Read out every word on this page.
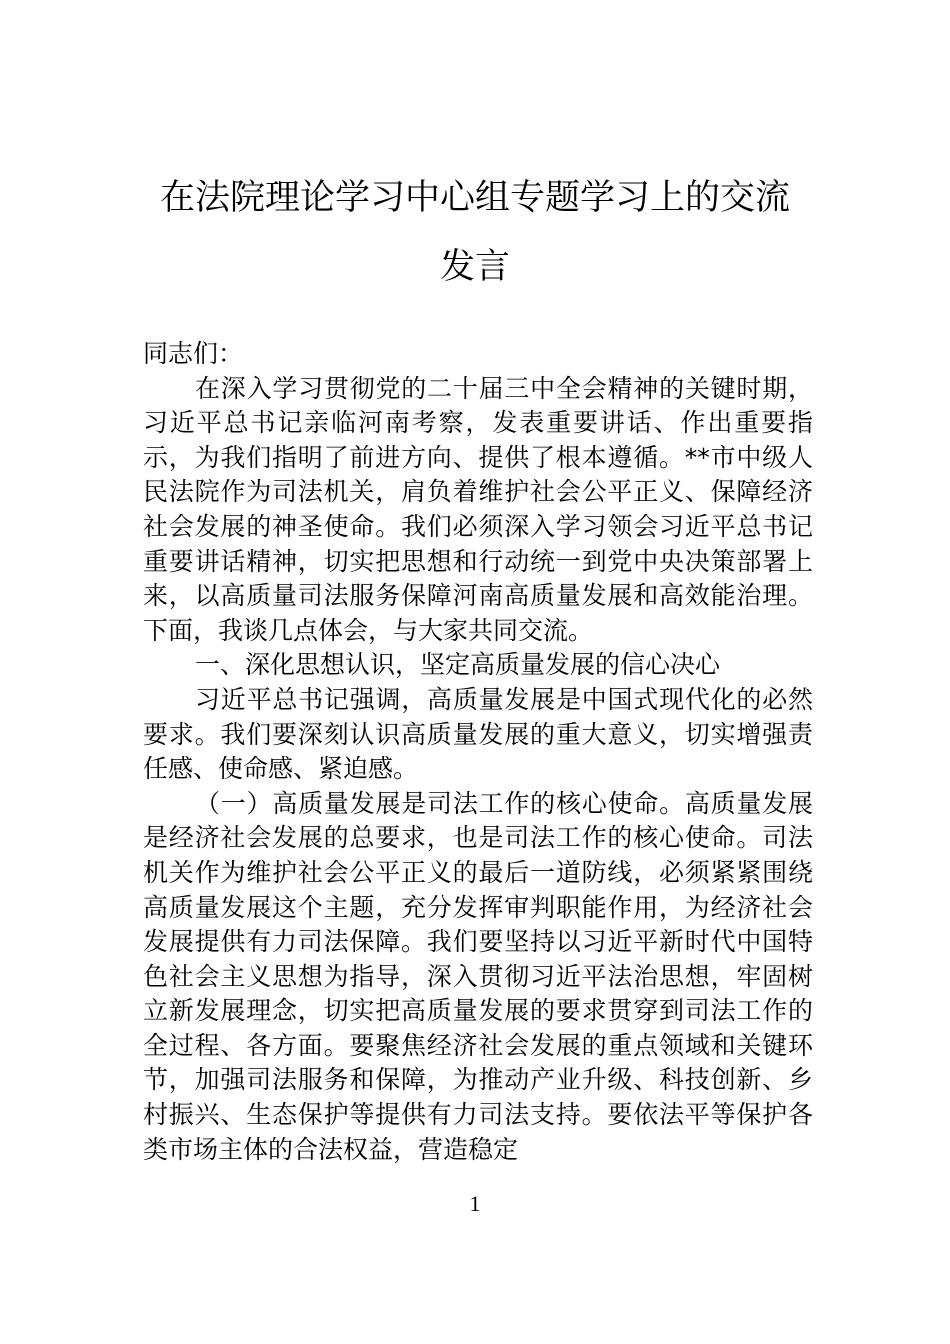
在法院理论学习中心组专题学习上的交流
发言

同志们：

在深入学习贯彻党的二十届三中全会精神的关键时期，习近平总书记亲临河南考察，发表重要讲话、作出重要指示，为我们指明了前进方向、提供了根本遵循。**市中级人民法院作为司法机关，肩负着维护社会公平正义、保障经济社会发展的神圣使命。我们必须深入学习领会习近平总书记重要讲话精神，切实把思想和行动统一到党中央决策部署上来，以高质量司法服务保障河南高质量发展和高效能治理。下面，我谈几点体会，与大家共同交流。

一、深化思想认识，坚定高质量发展的信心决心

习近平总书记强调，高质量发展是中国式现代化的必然要求。我们要深刻认识高质量发展的重大意义，切实增强责任感、使命感、紧迫感。

（一）高质量发展是司法工作的核心使命。高质量发展是经济社会发展的总要求，也是司法工作的核心使命。司法机关作为维护社会公平正义的最后一道防线，必须紧紧围绕高质量发展这个主题，充分发挥审判职能作用，为经济社会发展提供有力司法保障。我们要坚持以习近平新时代中国特色社会主义思想为指导，深入贯彻习近平法治思想，牢固树立新发展理念，切实把高质量发展的要求贯穿到司法工作的全过程、各方面。要聚焦经济社会发展的重点领域和关键环节，加强司法服务和保障，为推动产业升级、科技创新、乡村振兴、生态保护等提供有力司法支持。要依法平等保护各类市场主体的合法权益，营造稳定

1
